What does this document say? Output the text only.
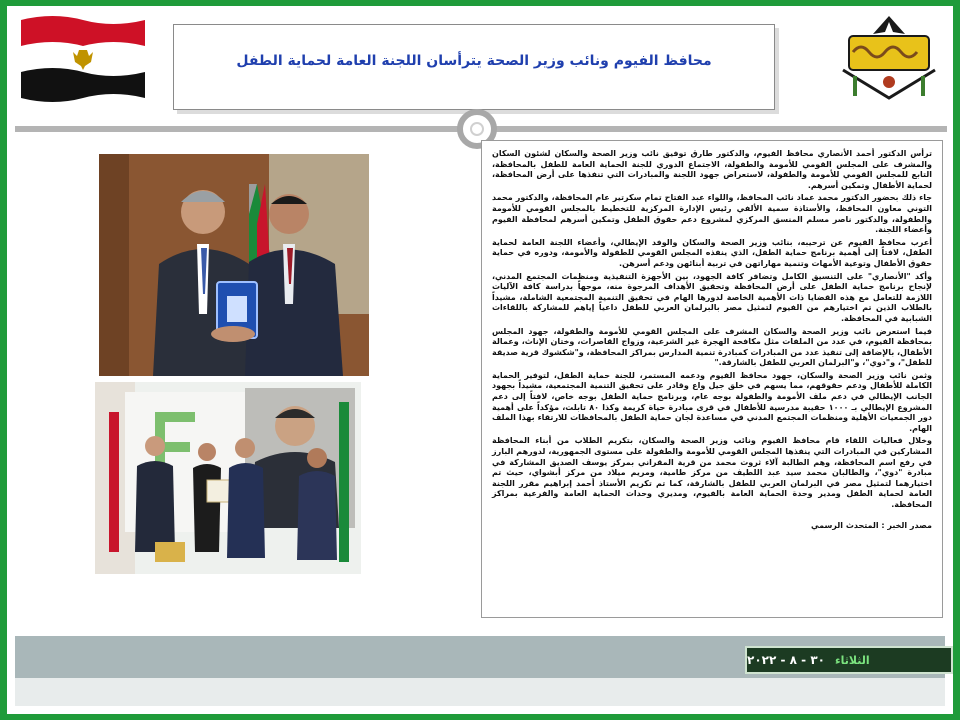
محافظ الفيوم ونائب وزير الصحة يترأسان اللجنة العامة لحماية الطفل

ترأس الدكتور أحمد الأنصاري محافظ الفيوم، والدكتور طارق توفيق نائب وزير الصحة والسكان لشئون السكان والمشرف على المجلس القومي للأمومة والطفولة، الاجتماع الدوري للجنة الحماية العامة للطفل بالمحافظة، التابع للمجلس القومي للأمومة والطفولة، لاستعراض جهود اللجنة والمبادرات التي تنفذها على أرض المحافظة، لحماية الأطفال وتمكين أسرهم.

جاء ذلك بحضور الدكتور محمد عماد نائب المحافظ، واللواء عبد الفتاح تمام سكرتير عام المحافظة، والدكتور محمد التوني معاون المحافظ، والأستاذة سمية الألفي رئيس الإدارة المركزية للتخطيط بالمجلس القومي للأمومة والطفولة، والدكتور ناصر مسلم المنسق المركزي لمشروع دعم حقوق الطفل وتمكين أسرهم لمحافظة الفيوم وأعضاء اللجنة.

أعرب محافظ الفيوم عن ترحيبه، بنائب وزير الصحة والسكان والوفد الإيطالي، وأعضاء اللجنة العامة لحماية الطفل، لافتاً إلى أهمية برنامج حماية الطفل، الذي ينفذه المجلس القومي للطفولة والأمومة، ودوره في حماية حقوق الأطفال وتوعية الأمهات وتنمية مهاراتهن في تربية أبنائهن ودعم أسرهن.

وأكد "الأنصاري" على التنسيق الكامل وتضافر كافة الجهود، بين الأجهزة التنفيذية ومنظمات المجتمع المدني، لإنجاح برنامج حماية الطفل على أرض المحافظة وتحقيق الأهداف المرجوة منه، موجهاً بدراسة كافة الآليات اللازمة للتعامل مع هذه القضايا ذات الأهمية الخاصة لدورها الهام في تحقيق التنمية المجتمعية الشاملة، مشيداً بالطلاب الذين تم اختيارهم من الفيوم لتمثيل مصر بالبرلمان العربي للطفل داعياً إياهم للمشاركة باللقاءات الشبابية في المحافظة.

فيما استعرض نائب وزير الصحة والسكان المشرف على المجلس القومي للأمومة والطفولة، جهود المجلس بمحافظة الفيوم، في عدد من الملفات مثل مكافحة الهجرة غير الشرعية، وزواج القاصرات، وختان الإناث، وعمالة الأطفال، بالإضافة إلى تنفيذ عدد من المبادرات كمبادرة تنمية المدارس بمراكز المحافظة، و"شكشوك قرية صديقة للطفل"، و"دوي"، و"البرلمان العربي للطفل بالشارقة."

وثمن نائب وزير الصحة والسكان، جهود محافظ الفيوم ودعمه المستمر، للجنة حماية الطفل، لتوفير الحماية الكاملة للأطفال ودعم حقوقهم، مما يسهم في خلق جيل واع وقادر على تحقيق التنمية المجتمعية، مشيداً بجهود الجانب الإيطالي في دعم ملف الأمومة والطفولة بوجه عام، وبرنامج حماية الطفل بوجه خاص، لافتاً إلى دعم المشروع الإيطالي بـ ١٠٠٠ حقيبة مدرسية للأطفال في قرى مبادرة حياة كريمة وكذا ٨٠ تابلت، مؤكداً على أهمية دور الجمعيات الأهلية ومنظمات المجتمع المدني في مساعدة لجان حماية الطفل بالمحافظات للارتقاء بهذا الملف الهام.

وخلال فعاليات اللقاء قام محافظ الفيوم ونائب وزير الصحة والسكان، بتكريم الطلاب من أبناء المحافظة المشاركين في المبادرات التي ينفذها المجلس القومي للأمومة والطفولة على مستوى الجمهورية، لدورهم البارز في رفع اسم المحافظة، وهم الطالبة آلاء ثروت محمد من قرية المقراني بمركز يوسف الصديق المشاركة في مبادرة "دوي"، والطالبان محمد سيد عبد اللطيف من مركز طامية، ومريم ميلاد من مركز أبشواي، حيث تم اختيارهما لتمثيل مصر في البرلمان العربي للطفل بالشارقة، كما تم تكريم الأستاذ أحمد إبراهيم مقرر اللجنة العامة لحماية الطفل ومدير وحدة الحماية العامة بالفيوم، ومديري وحدات الحماية العامة والفرعية بمراكز المحافظة.

مصدر الخبر : المتحدث الرسمي
الثلاثاء
٣٠ - ٨ - ٢٠٢٢
